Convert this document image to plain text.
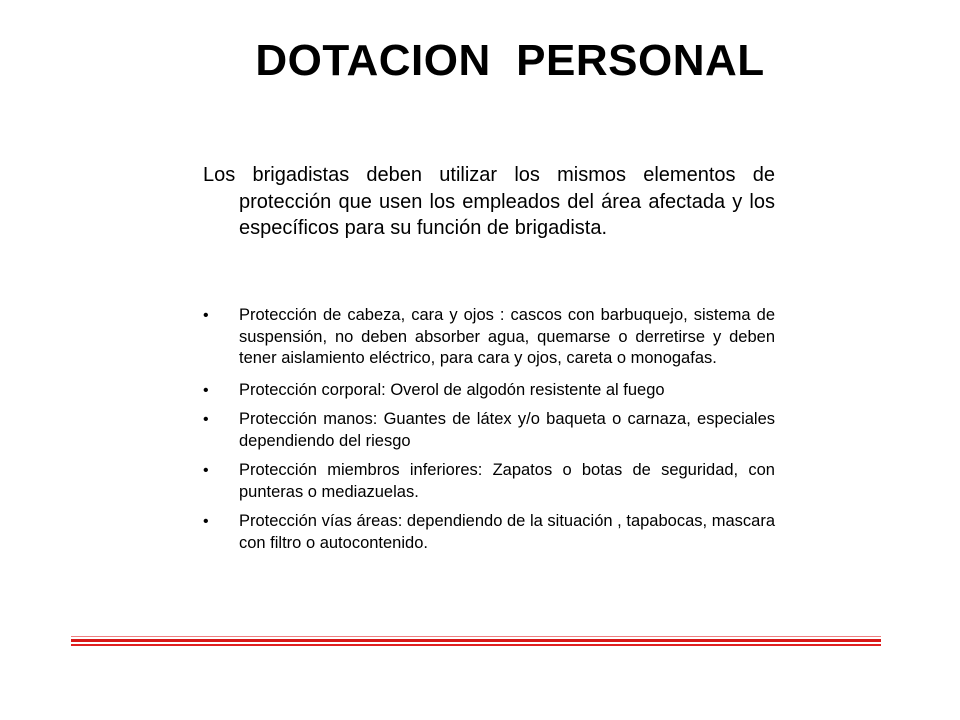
DOTACION  PERSONAL

Los brigadistas deben utilizar los mismos elementos de protección que usen los empleados del área afectada y los específicos para su función de brigadista.

• Protección de cabeza, cara y ojos : cascos con barbuquejo, sistema de suspensión, no deben absorber agua, quemarse o derretirse y deben tener aislamiento eléctrico, para cara y ojos, careta o monogafas.
• Protección corporal: Overol de algodón resistente al fuego
• Protección manos: Guantes de látex y/o baqueta o carnaza, especiales dependiendo del riesgo
• Protección miembros inferiores: Zapatos o botas de seguridad, con punteras o mediazuelas.
• Protección vías áreas: dependiendo de la situación , tapabocas, mascara con filtro o autocontenido.
